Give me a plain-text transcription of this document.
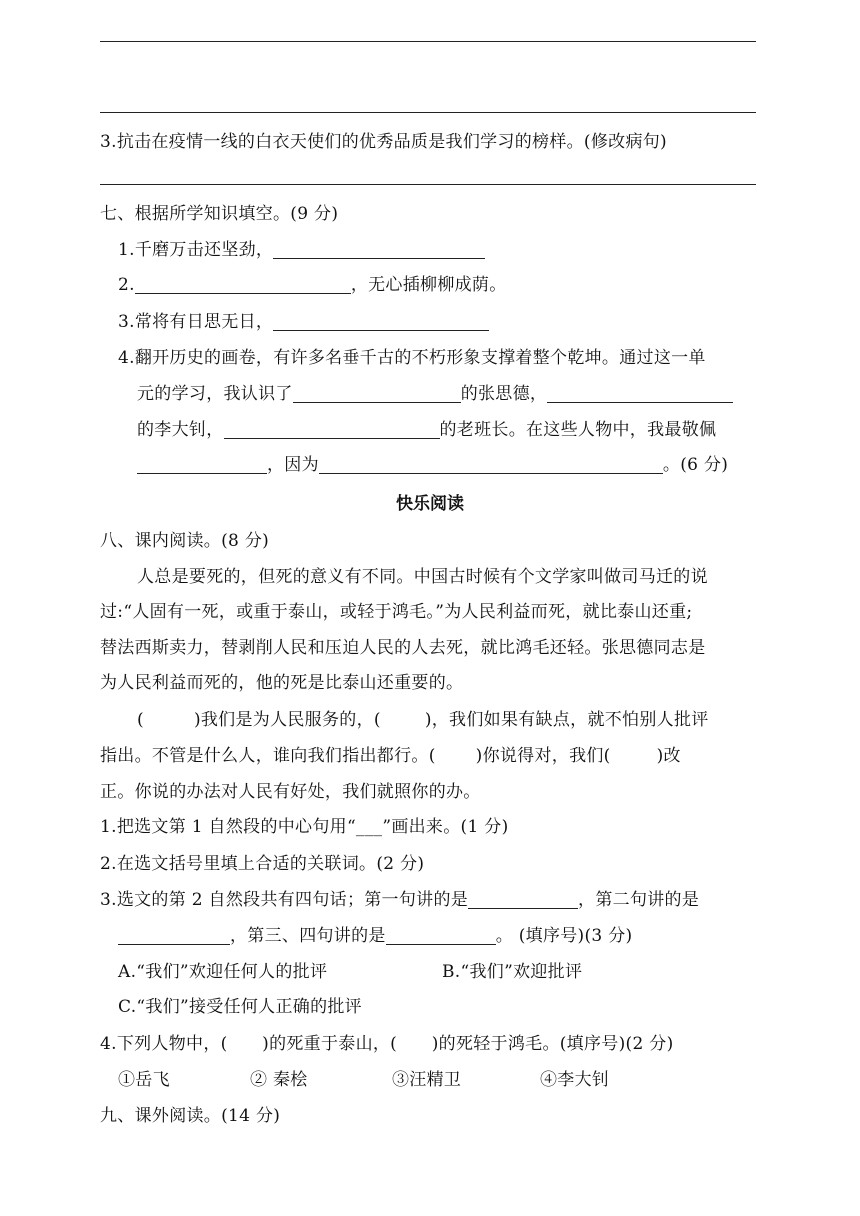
3.抗击在疫情一线的白衣天使们的优秀品质是我们学习的榜样。(修改病句)
七、根据所学知识填空。(9 分)
1.千磨万击还坚劲，
2.	，无心插柳柳成荫。
3.常将有日思无日，
4.翻开历史的画卷，有许多名垂千古的不朽形象支撑着整个乾坤。通过这一单
元的学习，我认识了	的张思德，
的李大钊，	的老班长。在这些人物中，我最敬佩
，因为	。(6 分)
快乐阅读
八、课内阅读。(8 分)
人总是要死的，但死的意义有不同。中国古时候有个文学家叫做司马迁的说
过:“人固有一死，或重于泰山，或轻于鸿毛。”为人民利益而死，就比泰山还重;
替法西斯卖力，替剥削人民和压迫人民的人去死，就比鸿毛还轻。张思德同志是
为人民利益而死的，他的死是比泰山还重要的。
(	)我们是为人民服务的，(	)，我们如果有缺点，就不怕别人批评
指出。不管是什么人，谁向我们指出都行。( )你说得对，我们(	)改
正。你说的办法对人民有好处，我们就照你的办。
1.把选文第 1 自然段的中心句用“___”画出来。(1 分)
2.在选文括号里填上合适的关联词。(2 分)
3.选文的第 2 自然段共有四句话；第一句讲的是	，第二句讲的是
，第三、四句讲的是	。 (填序号)(3 分)
A.“我们”欢迎任何人的批评	B.“我们”欢迎批评
C.“我们”接受任何人正确的批评
4.下列人物中，(　　)的死重于泰山，(　　)的死轻于鸿毛。(填序号)(2 分)
①岳飞	② 秦桧	③汪精卫	④李大钊
九、课外阅读。(14 分)
